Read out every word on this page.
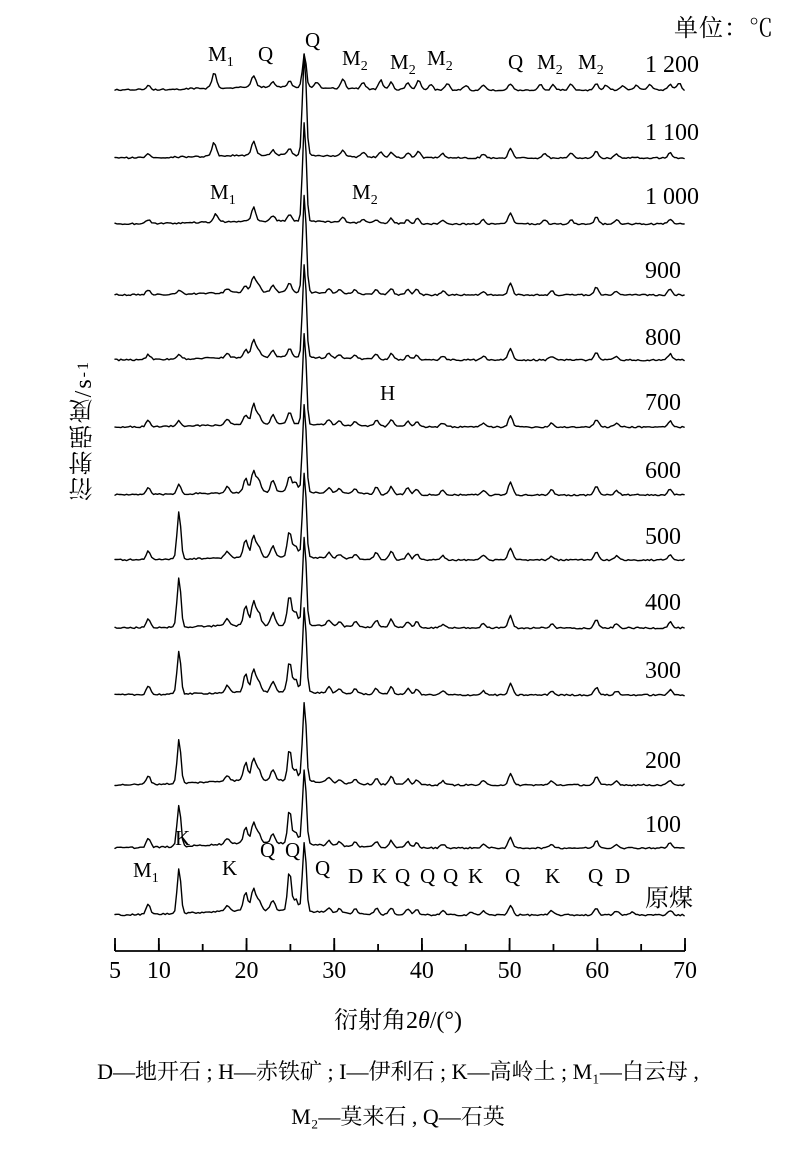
单位：℃
衍射强度/s-1
5	10	20	30	40	50	60	70
1 200
1 100
1 000
900
800
700
600
500
400
300
200
100
原煤
$M_1$ Q
Q
$M_2$ $M_2$
$M_2$	Q $M_2$ $M_2$
$M_1$	$M_2$
H
K
K
Q Q
Q
$M_1$	D K Q Q Q K Q K Q D
衍射角2θ/(°)
D—地开石 ; H—赤铁矿 ; I—伊利石 ; K—高岭土 ; M₁—白云母 ,
M₂—莫来石 , Q—石英
